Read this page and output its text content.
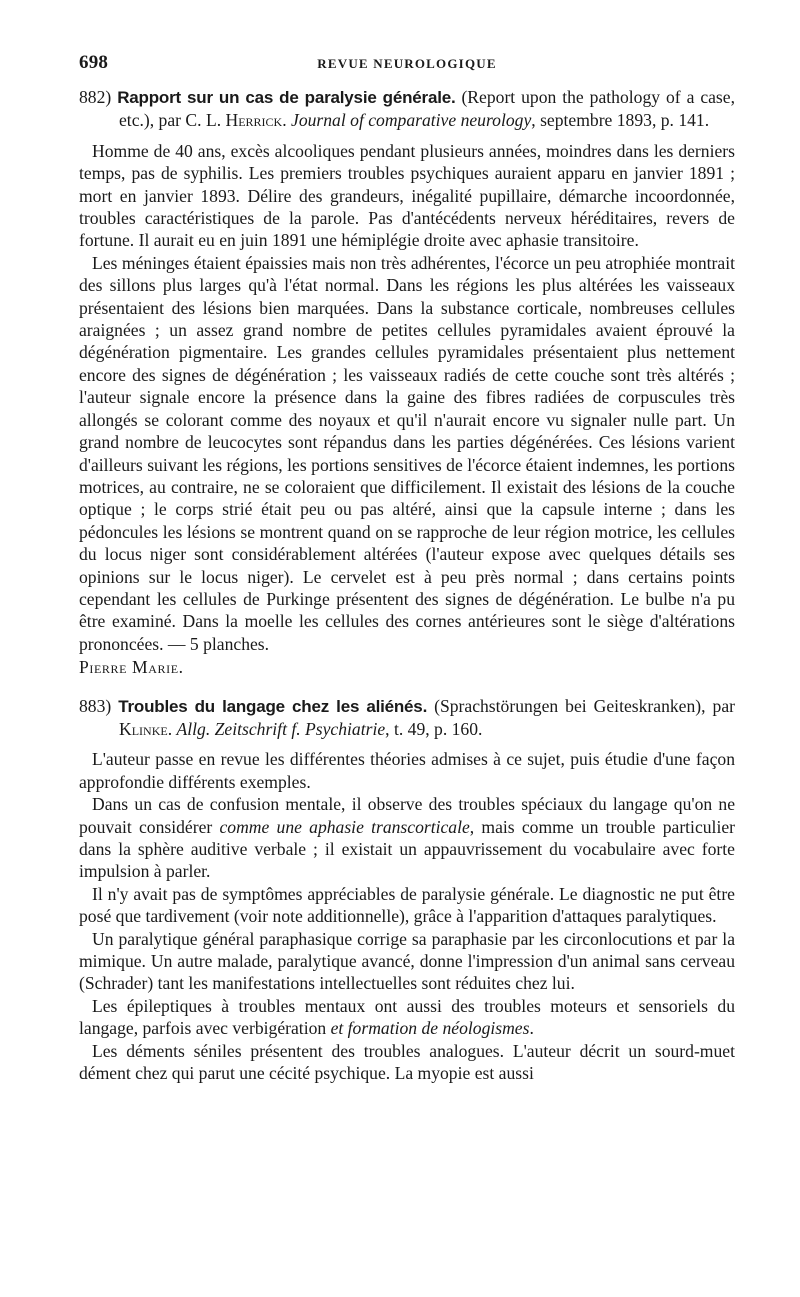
698	REVUE NEUROLOGIQUE

882) Rapport sur un cas de paralysie générale. (Report upon the pathology of a case, etc.), par C. L. Herrick. Journal of comparative neurology, septembre 1893, p. 141.

Homme de 40 ans, excès alcooliques pendant plusieurs années, moindres dans les derniers temps, pas de syphilis. Les premiers troubles psychiques auraient apparu en janvier 1891 ; mort en janvier 1893. Délire des grandeurs, inégalité pupillaire, démarche incoordonnée, troubles caractéristiques de la parole. Pas d'antécédents nerveux héréditaires, revers de fortune. Il aurait eu en juin 1891 une hémiplégie droite avec aphasie transitoire.

Les méninges étaient épaissies mais non très adhérentes, l'écorce un peu atrophiée montrait des sillons plus larges qu'à l'état normal. Dans les régions les plus altérées les vaisseaux présentaient des lésions bien marquées. Dans la substance corticale, nombreuses cellules araignées ; un assez grand nombre de petites cellules pyramidales avaient éprouvé la dégénération pigmentaire. Les grandes cellules pyramidales présentaient plus nettement encore des signes de dégénération ; les vaisseaux radiés de cette couche sont très altérés ; l'auteur signale encore la présence dans la gaine des fibres radiées de corpuscules très allongés se colorant comme des noyaux et qu'il n'aurait encore vu signaler nulle part. Un grand nombre de leucocytes sont répandus dans les parties dégénérées. Ces lésions varient d'ailleurs suivant les régions, les portions sensitives de l'écorce étaient indemnes, les portions motrices, au contraire, ne se coloraient que difficilement. Il existait des lésions de la couche optique ; le corps strié était peu ou pas altéré, ainsi que la capsule interne ; dans les pédoncules les lésions se montrent quand on se rapproche de leur région motrice, les cellules du locus niger sont considérablement altérées (l'auteur expose avec quelques détails ses opinions sur le locus niger). Le cervelet est à peu près normal ; dans certains points cependant les cellules de Purkinge présentent des signes de dégénération. Le bulbe n'a pu être examiné. Dans la moelle les cellules des cornes antérieures sont le siège d'altérations prononcées. — 5 planches.

Pierre Marie.

883) Troubles du langage chez les aliénés. (Sprachstörungen bei Geiteskranken), par Klinke. Allg. Zeitschrift f. Psychiatrie, t. 49, p. 160.

L'auteur passe en revue les différentes théories admises à ce sujet, puis étudie d'une façon approfondie différents exemples.

Dans un cas de confusion mentale, il observe des troubles spéciaux du langage qu'on ne pouvait considérer comme une aphasie transcorticale, mais comme un trouble particulier dans la sphère auditive verbale ; il existait un appauvrissement du vocabulaire avec forte impulsion à parler.

Il n'y avait pas de symptômes appréciables de paralysie générale. Le diagnostic ne put être posé que tardivement (voir note additionnelle), grâce à l'apparition d'attaques paralytiques.

Un paralytique général paraphasique corrige sa paraphasie par les circonlocutions et par la mimique. Un autre malade, paralytique avancé, donne l'impression d'un animal sans cerveau (Schrader) tant les manifestations intellectuelles sont réduites chez lui.

Les épileptiques à troubles mentaux ont aussi des troubles moteurs et sensoriels du langage, parfois avec verbigération et formation de néologismes.

Les déments séniles présentent des troubles analogues. L'auteur décrit un sourd-muet dément chez qui parut une cécité psychique. La myopie est aussi
